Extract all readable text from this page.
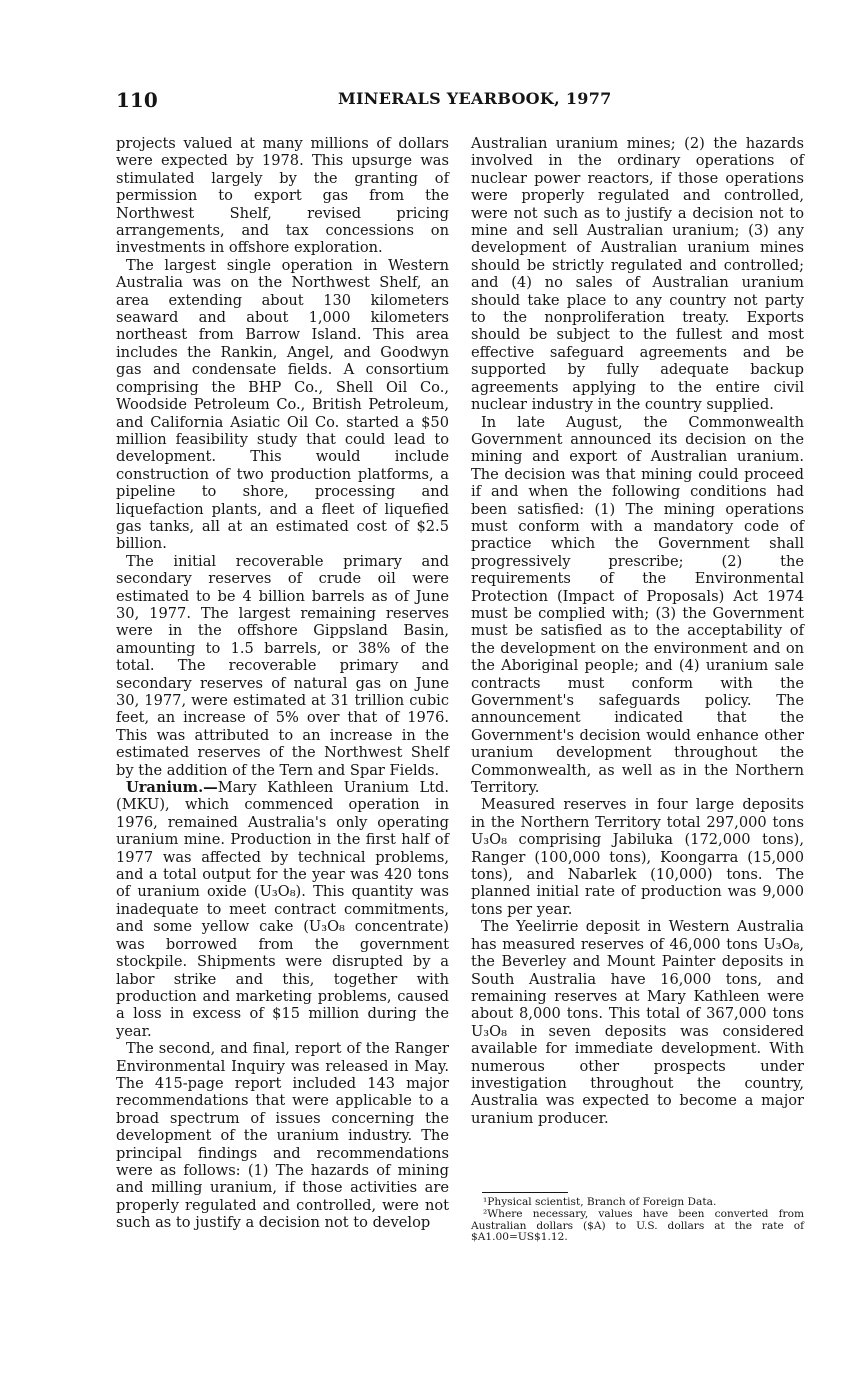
110	MINERALS YEARBOOK, 1977

projects valued at many millions of dollars were expected by 1978. This upsurge was stimulated largely by the granting of permission to export gas from the Northwest Shelf, revised pricing arrangements, and tax concessions on investments in offshore exploration.

The largest single operation in Western Australia was on the Northwest Shelf, an area extending about 130 kilometers seaward and about 1,000 kilometers northeast from Barrow Island. This area includes the Rankin, Angel, and Goodwyn gas and condensate fields. A consortium comprising the BHP Co., Shell Oil Co., Woodside Petroleum Co., British Petroleum, and California Asiatic Oil Co. started a $50 million feasibility study that could lead to development. This would include construction of two production platforms, a pipeline to shore, processing and liquefaction plants, and a fleet of liquefied gas tanks, all at an estimated cost of $2.5 billion.

The initial recoverable primary and secondary reserves of crude oil were estimated to be 4 billion barrels as of June 30, 1977. The largest remaining reserves were in the offshore Gippsland Basin, amounting to 1.5 barrels, or 38% of the total. The recoverable primary and secondary reserves of natural gas on June 30, 1977, were estimated at 31 trillion cubic feet, an increase of 5% over that of 1976. This was attributed to an increase in the estimated reserves of the Northwest Shelf by the addition of the Tern and Spar Fields.

Uranium.—Mary Kathleen Uranium Ltd. (MKU), which commenced operation in 1976, remained Australia's only operating uranium mine. Production in the first half of 1977 was affected by technical problems, and a total output for the year was 420 tons of uranium oxide (U₃O₈). This quantity was inadequate to meet contract commitments, and some yellow cake (U₃O₈ concentrate) was borrowed from the government stockpile. Shipments were disrupted by a labor strike and this, together with production and marketing problems, caused a loss in excess of $15 million during the year.

The second, and final, report of the Ranger Environmental Inquiry was released in May. The 415-page report included 143 major recommendations that were applicable to a broad spectrum of issues concerning the development of the uranium industry. The principal findings and recommendations were as follows: (1) The hazards of mining and milling uranium, if those activities are properly regulated and controlled, were not such as to justify a decision not to develop

Australian uranium mines; (2) the hazards involved in the ordinary operations of nuclear power reactors, if those operations were properly regulated and controlled, were not such as to justify a decision not to mine and sell Australian uranium; (3) any development of Australian uranium mines should be strictly regulated and controlled; and (4) no sales of Australian uranium should take place to any country not party to the nonproliferation treaty. Exports should be subject to the fullest and most effective safeguard agreements and be supported by fully adequate backup agreements applying to the entire civil nuclear industry in the country supplied.

In late August, the Commonwealth Government announced its decision on the mining and export of Australian uranium. The decision was that mining could proceed if and when the following conditions had been satisfied: (1) The mining operations must conform with a mandatory code of practice which the Government shall progressively prescribe; (2) the requirements of the Environmental Protection (Impact of Proposals) Act 1974 must be complied with; (3) the Government must be satisfied as to the acceptability of the development on the environment and on the Aboriginal people; and (4) uranium sale contracts must conform with the Government's safeguards policy. The announcement indicated that the Government's decision would enhance other uranium development throughout the Commonwealth, as well as in the Northern Territory.

Measured reserves in four large deposits in the Northern Territory total 297,000 tons U₃O₈ comprising Jabiluka (172,000 tons), Ranger (100,000 tons), Koongarra (15,000 tons), and Nabarlek (10,000) tons. The planned initial rate of production was 9,000 tons per year.

The Yeelirrie deposit in Western Australia has measured reserves of 46,000 tons U₃O₈, the Beverley and Mount Painter deposits in South Australia have 16,000 tons, and remaining reserves at Mary Kathleen were about 8,000 tons. This total of 367,000 tons U₃O₈ in seven deposits was considered available for immediate development. With numerous other prospects under investigation throughout the country, Australia was expected to become a major uranium producer.

¹Physical scientist, Branch of Foreign Data.

²Where necessary, values have been converted from Australian dollars ($A) to U.S. dollars at the rate of $A1.00=US$1.12.
